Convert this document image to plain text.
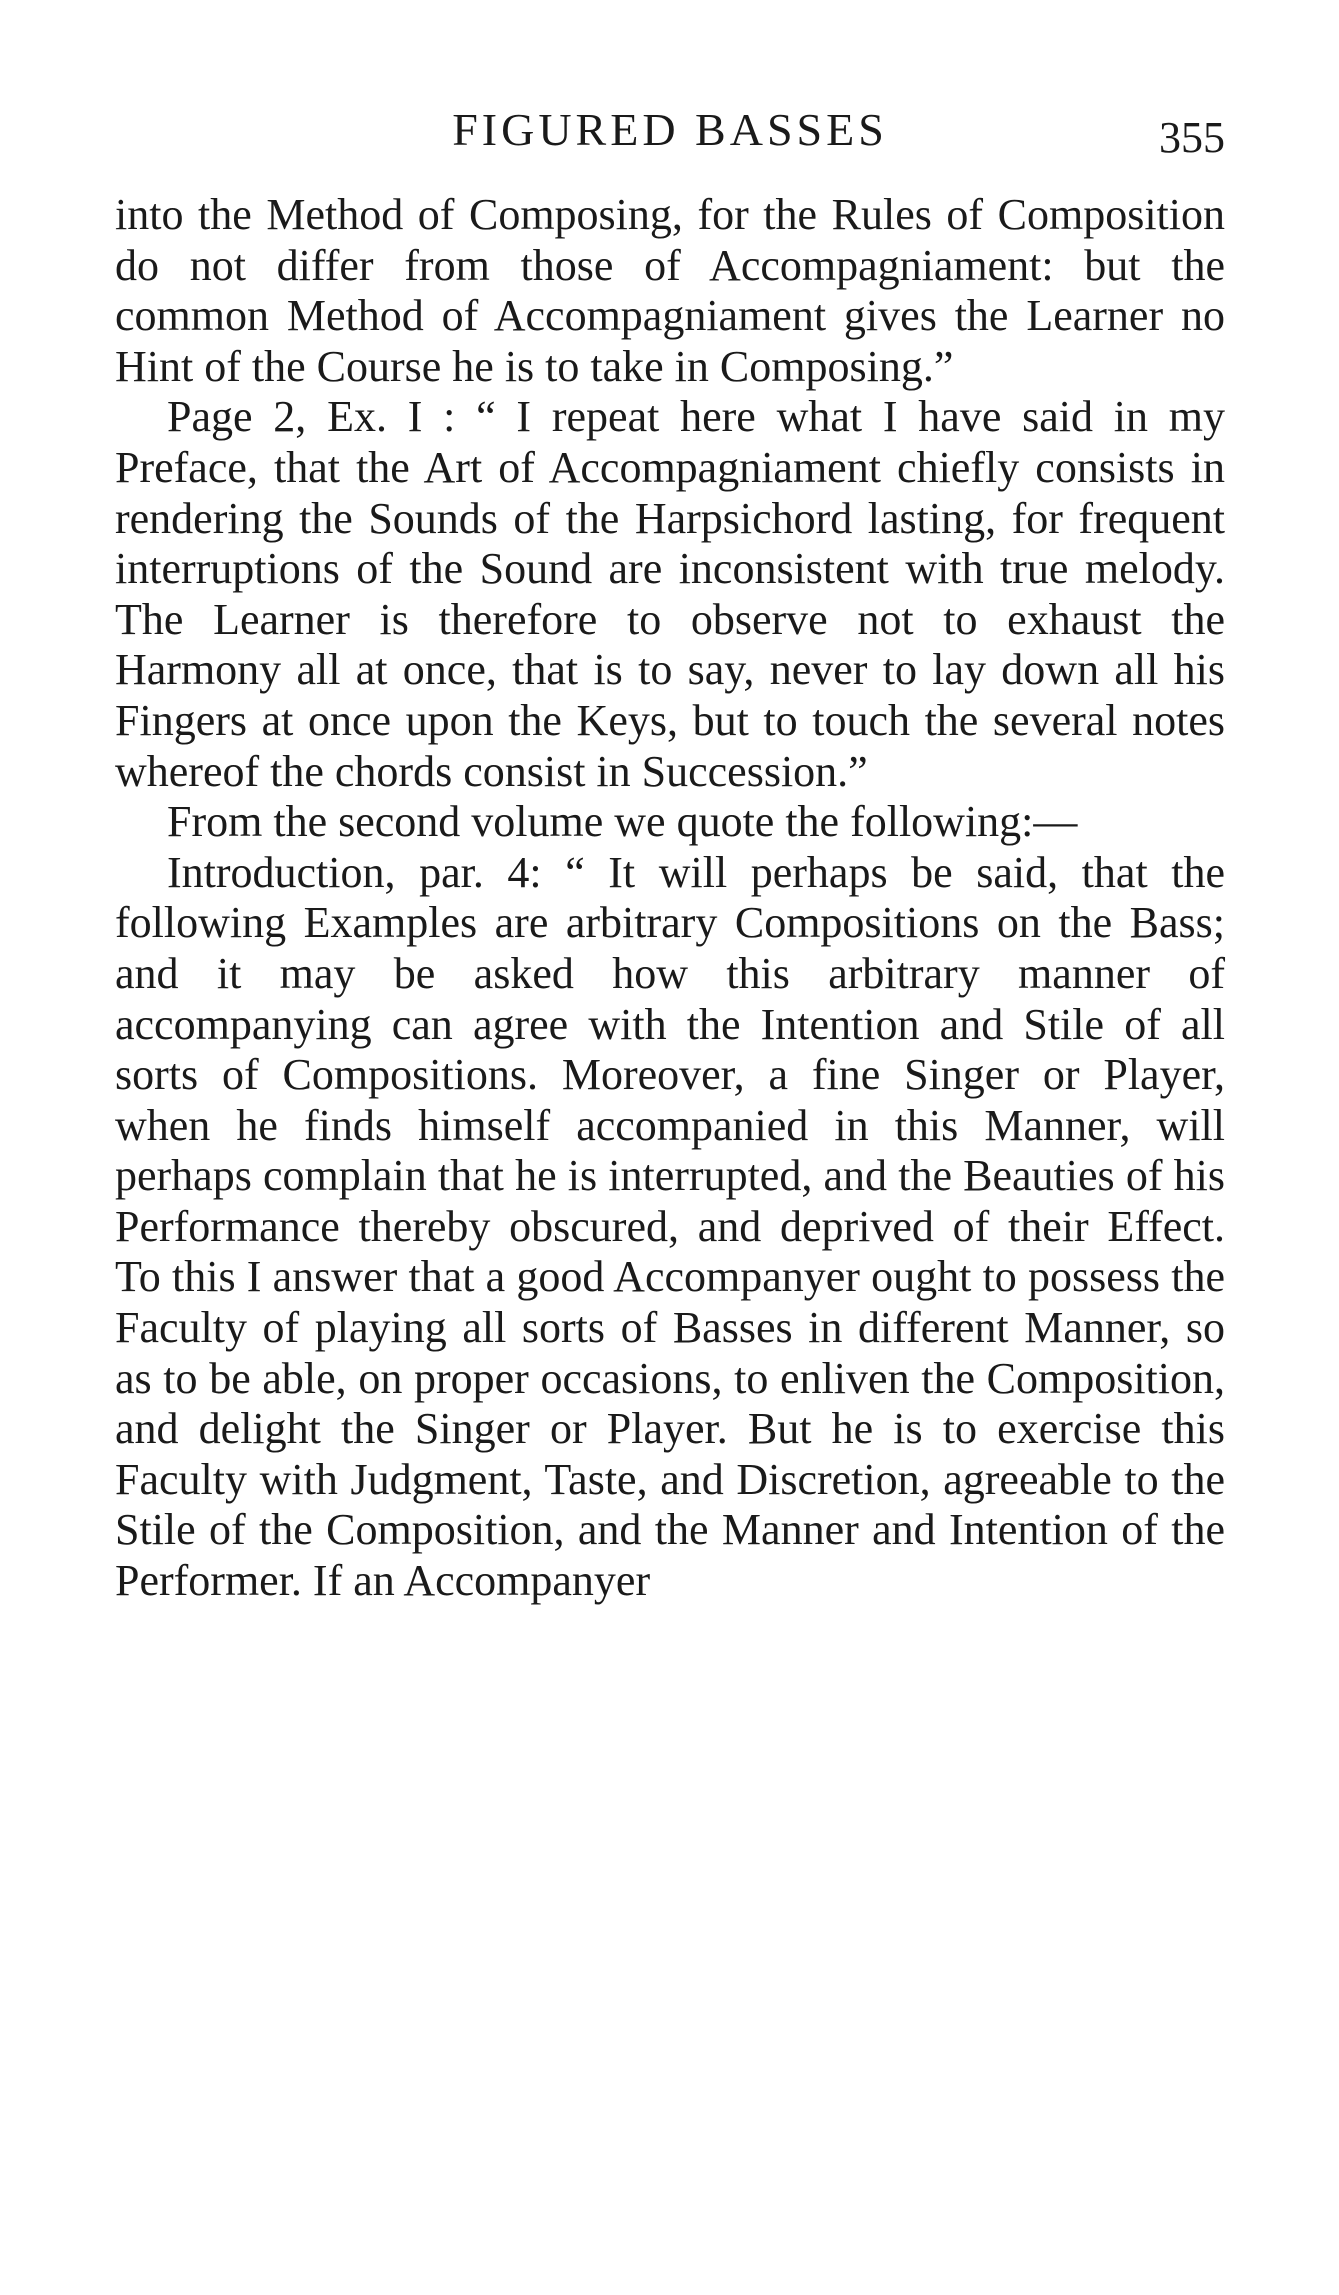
FIGURED BASSES	355

into the Method of Composing, for the Rules of Composition do not differ from those of Accompagniament: but the common Method of Accompagniament gives the Learner no Hint of the Course he is to take in Composing.”

Page 2, Ex. I : “ I repeat here what I have said in my Preface, that the Art of Accompagniament chiefly consists in rendering the Sounds of the Harpsichord lasting, for frequent interruptions of the Sound are inconsistent with true melody. The Learner is therefore to observe not to exhaust the Harmony all at once, that is to say, never to lay down all his Fingers at once upon the Keys, but to touch the several notes whereof the chords consist in Succession.”

From the second volume we quote the following:—

Introduction, par. 4: “ It will perhaps be said, that the following Examples are arbitrary Compositions on the Bass; and it may be asked how this arbitrary manner of accompanying can agree with the Intention and Stile of all sorts of Compositions. Moreover, a fine Singer or Player, when he finds himself accompanied in this Manner, will perhaps complain that he is interrupted, and the Beauties of his Performance thereby obscured, and deprived of their Effect. To this I answer that a good Accompanyer ought to possess the Faculty of playing all sorts of Basses in different Manner, so as to be able, on proper occasions, to enliven the Composition, and delight the Singer or Player. But he is to exercise this Faculty with Judgment, Taste, and Discretion, agreeable to the Stile of the Composition, and the Manner and Intention of the Performer. If an Accompanyer
